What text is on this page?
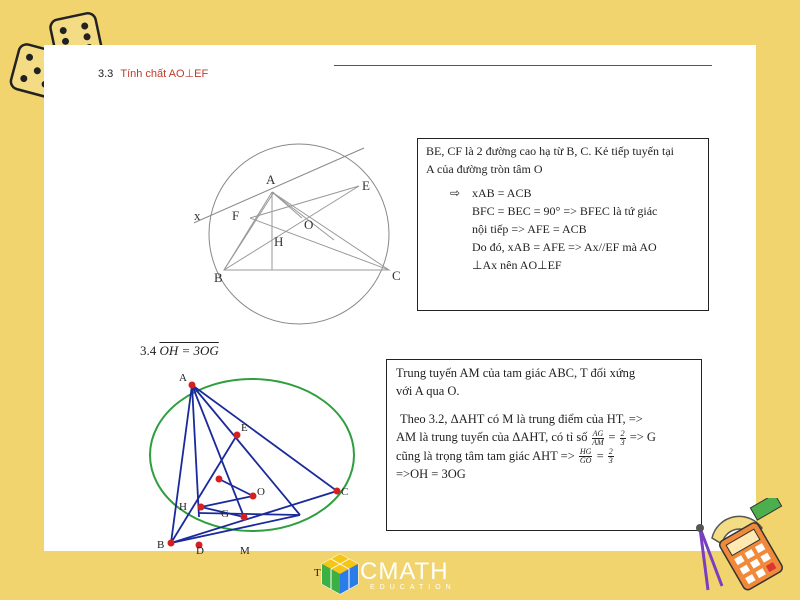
3.3 Tính chất AO⊥EF
A
x
E
F
O
H
B	C
BE, CF là 2 đường cao hạ từ B, C. Kẻ tiếp tuyến tại
A của đường tròn tâm O
⇨ xAB = ACB
BFC = BEC = 90° => BFEC là tứ giác
nội tiếp => AFE = ACB
Do đó, xAB = AFE => Ax//EF mà AO
⊥Ax nên AO⊥EF
3.4 OH = 3OG
A
E
O
H
G
B
C
D	M
T
Trung tuyến AM của tam giác ABC, T đối xứng
với A qua O.
Theo 3.2, ΔAHT có M là trung điểm của HT, =>
AM là trung tuyến của ΔAHT, có tỉ số $\frac{AG}{AM} = \frac{2}{3} => G$
cũng là trọng tâm tam giác AHT => $\frac{HG}{GO} = \frac{2}{3}$
=>OH = 3OG
CMATH
EDUCATION
